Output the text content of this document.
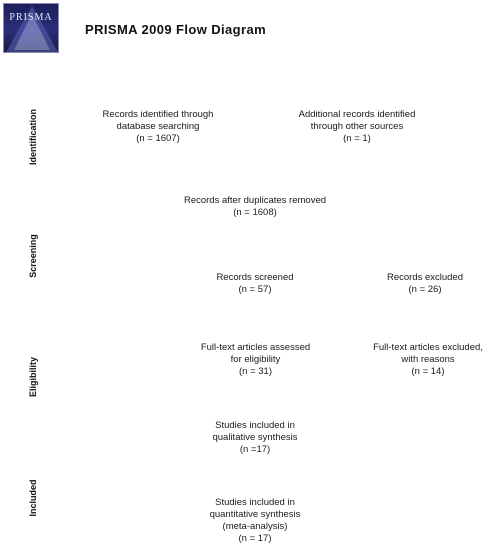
PRISMA
PRISMA 2009 Flow Diagram
Identification
Screening
Eligibility
Included
Records identified through
database searching
(n = 1607)
Additional records identified
through other sources
(n = 1)
Records after duplicates removed
(n = 1608)
Records screened
(n = 57)
Records excluded
(n = 26)
Full-text articles assessed
for eligibility
(n = 31)
Full-text articles excluded,
with reasons
(n = 14)
Studies included in
qualitative synthesis
(n =17)
Studies included in
quantitative synthesis
(meta-analysis)
(n = 17)
